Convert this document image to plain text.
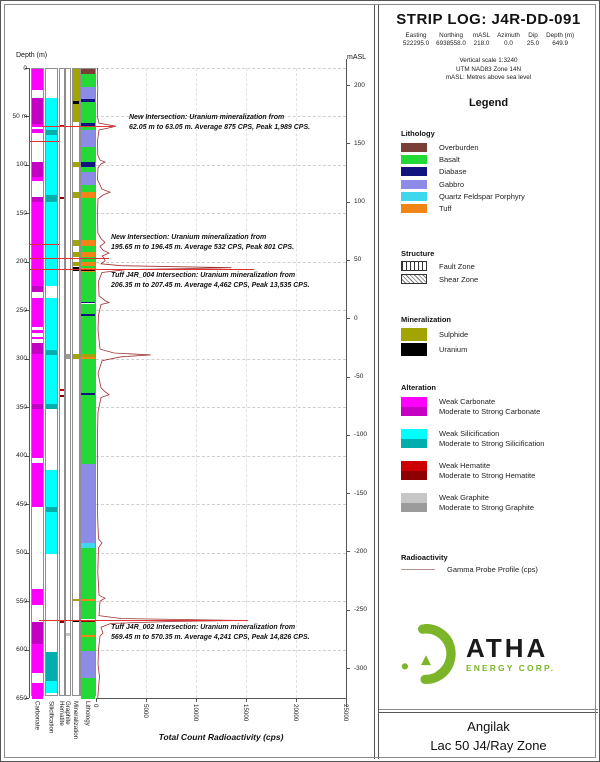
Depth (m)	mASL
Carbonate Silicification Hematite Graphite Mineralization Lithology
0
50 m
100
150
200
250
300
350
400
450
500
550
600
650
200
150
100
50
0
-50
-100
-150
-200
-250
-300
0	5000	10000	15000	20000	25000
New Intersection: Uranium mineralization from
62.05 m to 63.05 m. Average 875 CPS, Peak 1,989 CPS.
New Intersection: Uranium mineralization from
195.65 m to 196.45 m. Average 532 CPS, Peak 801 CPS.
Tuff J4R_004 Intersection: Uranium mineralization from
206.35 m to 207.45 m. Average 4,462 CPS, Peak 13,535 CPS.
Tuff J4R_002 Intersection: Uranium mineralization from
569.45 m to 570.35 m. Average 4,241 CPS, Peak 14,826 CPS.
Total Count Radioactivity (cps)
STRIP LOG: J4R-DD-091
Easting
522295.0
Northing
6938558.0
mASL
218.0
Azimuth
0.0
Dip
25.0
Depth (m)
649.9
Vertical scale 1:3240
UTM NAD83 Zone 14N
mASL: Metres above sea level
Legend
Lithology
Overburden
Basalt
Diabase
Gabbro
Quartz Feldspar Porphyry
Tuff
Structure
Fault Zone
Shear Zone
Mineralization
Sulphide
Uranium
Alteration
Weak Carbonate
Moderate to Strong Carbonate
Weak Silicification
Moderate to Strong Silicification
Weak Hematite
Moderate to Strong Hematite
Weak Graphite
Moderate to Strong Graphite
Radioactivity
Gamma Probe Profile (cps)
ATHA
ENERGY CORP.
Angilak
Lac 50 J4/Ray Zone
